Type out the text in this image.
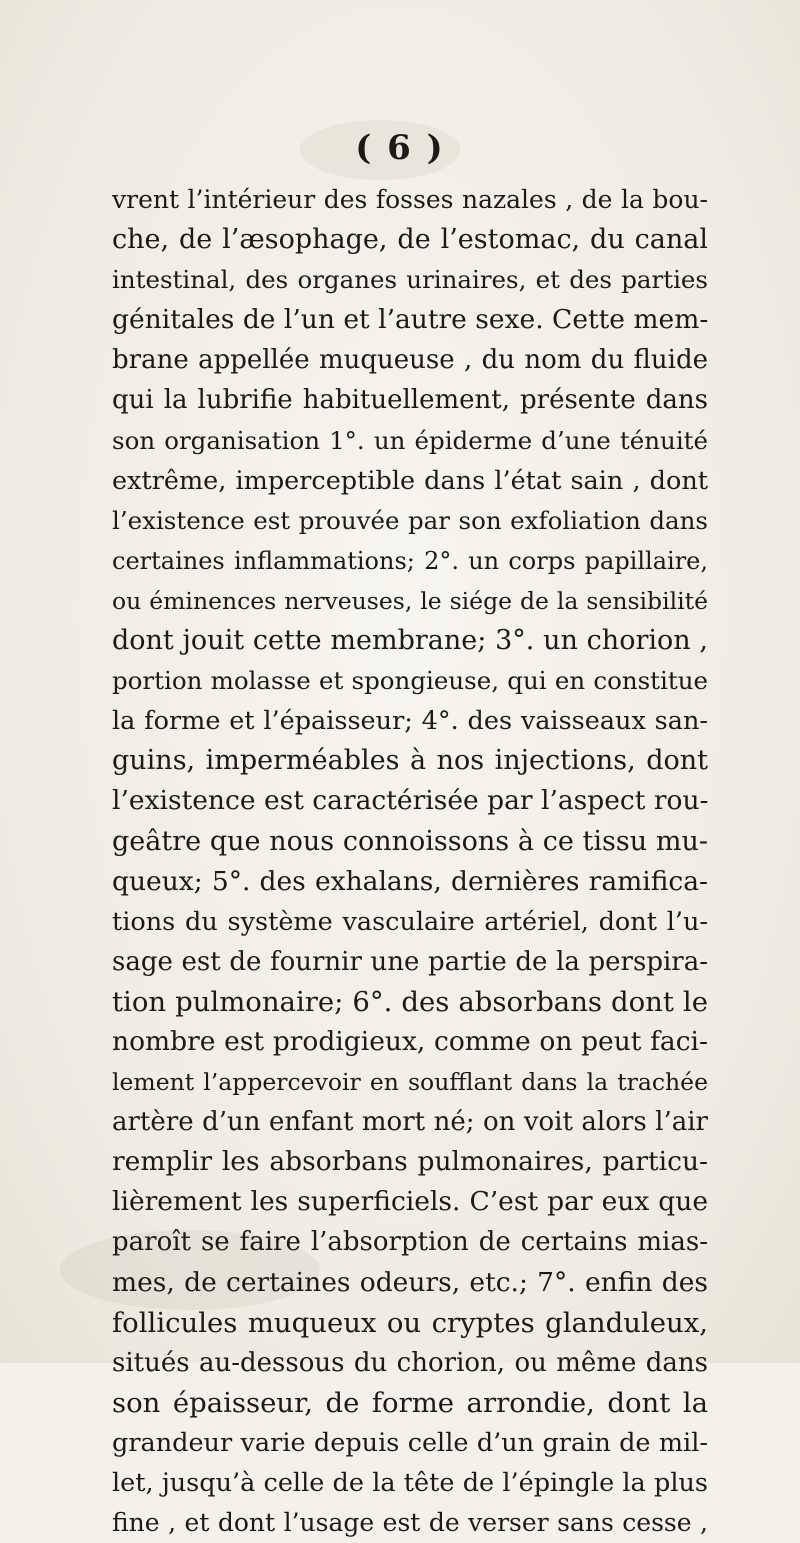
( 6 )
vrent l’intérieur des fosses nazales , de la bou-
che, de l’æsophage, de l’estomac, du canal
intestinal, des organes urinaires, et des parties
génitales de l’un et l’autre sexe. Cette mem-
brane appellée muqueuse , du nom du fluide
qui la lubrifie habituellement, présente dans
son organisation 1°. un épiderme d’une ténuité
extrême, imperceptible dans l’état sain , dont
l’existence est prouvée par son exfoliation dans
certaines inflammations; 2°. un corps papillaire,
ou éminences nerveuses, le siége de la sensibilité
dont jouit cette membrane; 3°. un chorion ,
portion molasse et spongieuse, qui en constitue
la forme et l’épaisseur; 4°. des vaisseaux san-
guins, imperméables à nos injections, dont
l’existence est caractérisée par l’aspect rou-
geâtre que nous connoissons à ce tissu mu-
queux; 5°. des exhalans, dernières ramifica-
tions du système vasculaire artériel, dont l’u-
sage est de fournir une partie de la perspira-
tion pulmonaire; 6°. des absorbans dont le
nombre est prodigieux, comme on peut faci-
lement l’appercevoir en soufflant dans la trachée
artère d’un enfant mort né; on voit alors l’air
remplir les absorbans pulmonaires, particu-
lièrement les superficiels. C’est par eux que
paroît se faire l’absorption de certains mias-
mes, de certaines odeurs, etc.; 7°. enfin des
follicules muqueux ou cryptes glanduleux,
situés au-dessous du chorion, ou même dans
son épaisseur, de forme arrondie, dont la
grandeur varie depuis celle d’un grain de mil-
let, jusqu’à celle de la tête de l’épingle la plus
fine , et dont l’usage est de verser sans cesse ,
